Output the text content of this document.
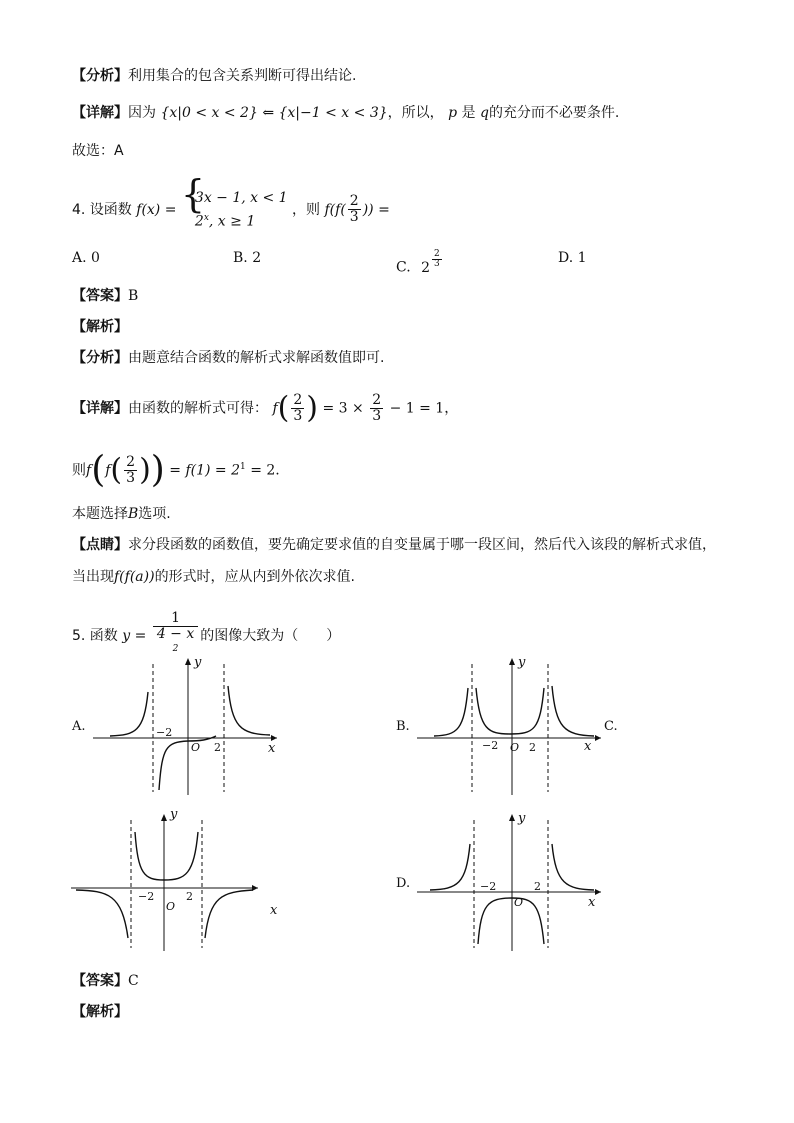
【分析】利用集合的包含关系判断可得出结论.
【详解】因为 {x|0 < x < 2} ⇐ {x|−1 < x < 3}，所以， p 是 q的充分而不必要条件.
故选：A
4. 设函数 f(x) = {
3x − 1, x < 1
2$^x$, x ≥ 1
，则 $f(f( \frac{2}{3}$ )) =
A. 0	B. 2
C. $2 \frac{2}{3}$	D. 1
【答案】B
【解析】
【分析】由题意结合函数的解析式求解函数值即可.
【详解】由函数的解析式可得： $f( \frac{2}{3}$ ) = $3 \times \frac{2}{3} - 1 = 1$，
则$f(f( \frac{2}{3}$ )) = $f(1) = 2^1 = 2$.
本题选择B选项.
【点睛】求分段函数的函数值，要先确定要求值的自变量属于哪一段区间，然后代入该段的解析式求值，
当出现f(f(a))的形式时，应从内到外依次求值.
5. 函数 y = 1
4 − x
$^2$ 的图像大致为（　　）
A.	B.	C.
D.
y
x
O
−2
2
y
x
O
−2	2
y
x
O
−2	2
y
x
O
−2	2
【答案】C
【解析】
